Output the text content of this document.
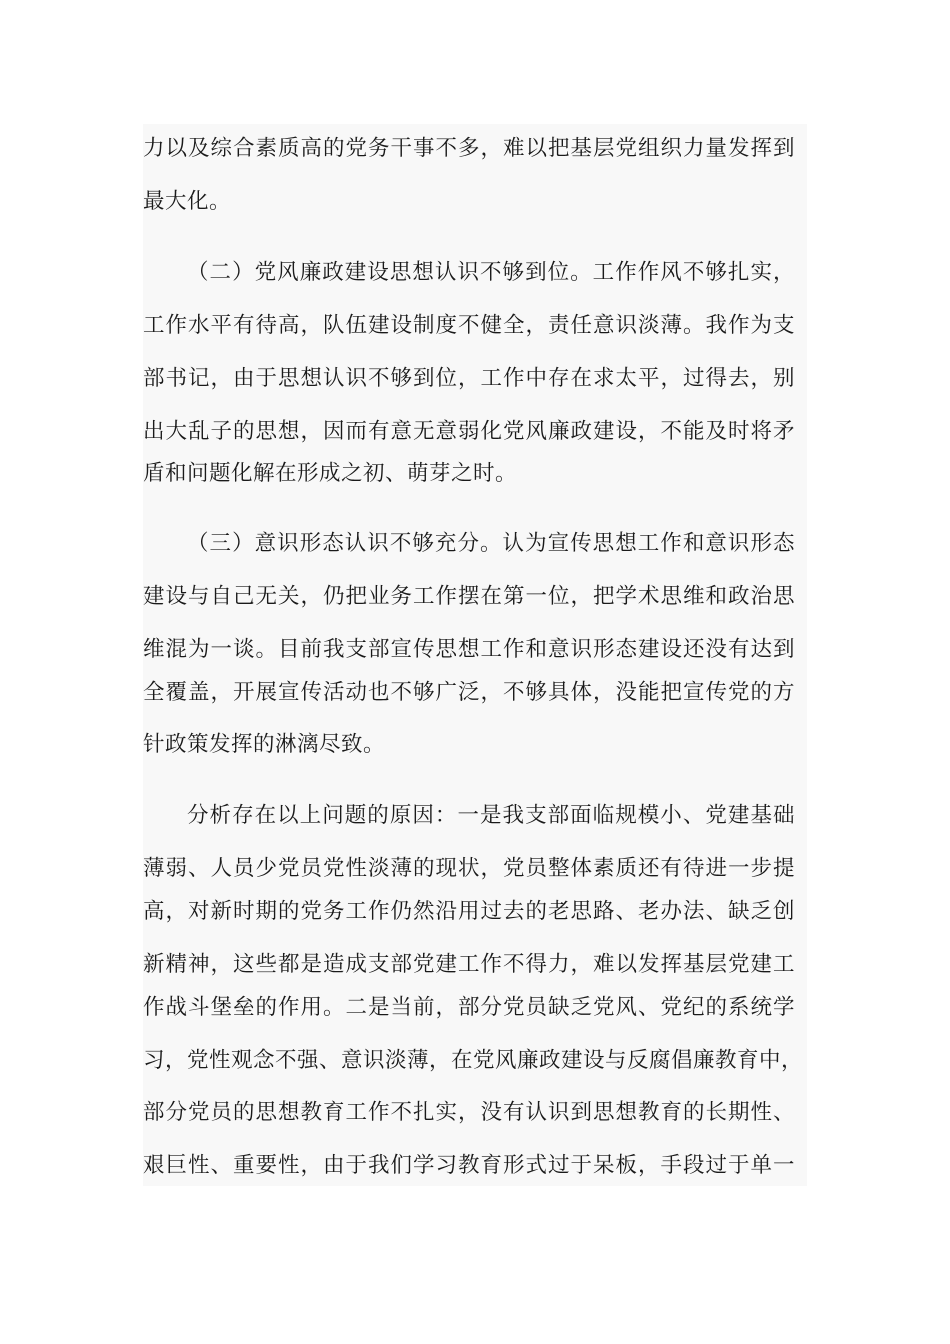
力以及综合素质高的党务干事不多，难以把基层党组织力量发挥到
最大化。
（二）党风廉政建设思想认识不够到位。工作作风不够扎实，
工作水平有待高，队伍建设制度不健全，责任意识淡薄。我作为支
部书记，由于思想认识不够到位，工作中存在求太平，过得去，别
出大乱子的思想，因而有意无意弱化党风廉政建设，不能及时将矛
盾和问题化解在形成之初、萌芽之时。
（三）意识形态认识不够充分。认为宣传思想工作和意识形态
建设与自己无关，仍把业务工作摆在第一位，把学术思维和政治思
维混为一谈。目前我支部宣传思想工作和意识形态建设还没有达到
全覆盖，开展宣传活动也不够广泛，不够具体，没能把宣传党的方
针政策发挥的淋漓尽致。
分析存在以上问题的原因：一是我支部面临规模小、党建基础
薄弱、人员少党员党性淡薄的现状，党员整体素质还有待进一步提
高，对新时期的党务工作仍然沿用过去的老思路、老办法、缺乏创
新精神，这些都是造成支部党建工作不得力，难以发挥基层党建工
作战斗堡垒的作用。二是当前，部分党员缺乏党风、党纪的系统学
习，党性观念不强、意识淡薄，在党风廉政建设与反腐倡廉教育中，
部分党员的思想教育工作不扎实，没有认识到思想教育的长期性、
艰巨性、重要性，由于我们学习教育形式过于呆板，手段过于单一
